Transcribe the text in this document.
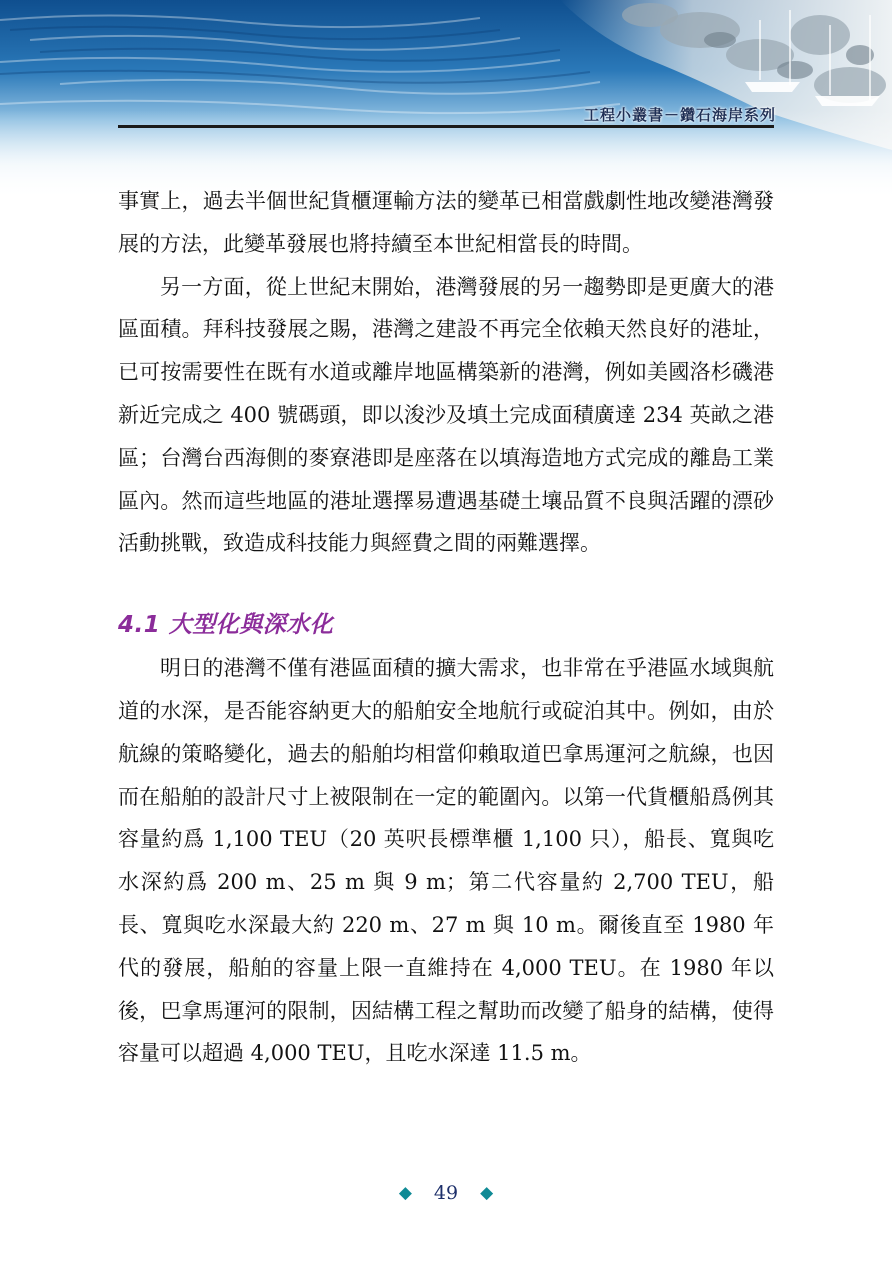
工程小叢書－鑽石海岸系列

事實上，過去半個世紀貨櫃運輸方法的變革已相當戲劇性地改變港灣發展的方法，此變革發展也將持續至本世紀相當長的時間。

另一方面，從上世紀末開始，港灣發展的另一趨勢即是更廣大的港區面積。拜科技發展之賜，港灣之建設不再完全依賴天然良好的港址，已可按需要性在既有水道或離岸地區構築新的港灣，例如美國洛杉磯港新近完成之 400 號碼頭，即以浚沙及填土完成面積廣達 234 英畝之港區；台灣台西海側的麥寮港即是座落在以填海造地方式完成的離島工業區內。然而這些地區的港址選擇易遭遇基礎土壤品質不良與活躍的漂砂活動挑戰，致造成科技能力與經費之間的兩難選擇。

4.1 大型化與深水化

明日的港灣不僅有港區面積的擴大需求，也非常在乎港區水域與航道的水深，是否能容納更大的船舶安全地航行或碇泊其中。例如，由於航線的策略變化，過去的船舶均相當仰賴取道巴拿馬運河之航線，也因而在船舶的設計尺寸上被限制在一定的範圍內。以第一代貨櫃船爲例其容量約爲 1,100 TEU（20 英呎長標準櫃 1,100 只），船長、寬與吃水深約爲 200 m、25 m 與 9 m；第二代容量約 2,700 TEU，船長、寬與吃水深最大約 220 m、27 m 與 10 m。爾後直至 1980 年代的發展，船舶的容量上限一直維持在 4,000 TEU。在 1980 年以後，巴拿馬運河的限制，因結構工程之幫助而改變了船身的結構，使得容量可以超過 4,000 TEU，且吃水深達 11.5 m。

◆ 49 ◆
